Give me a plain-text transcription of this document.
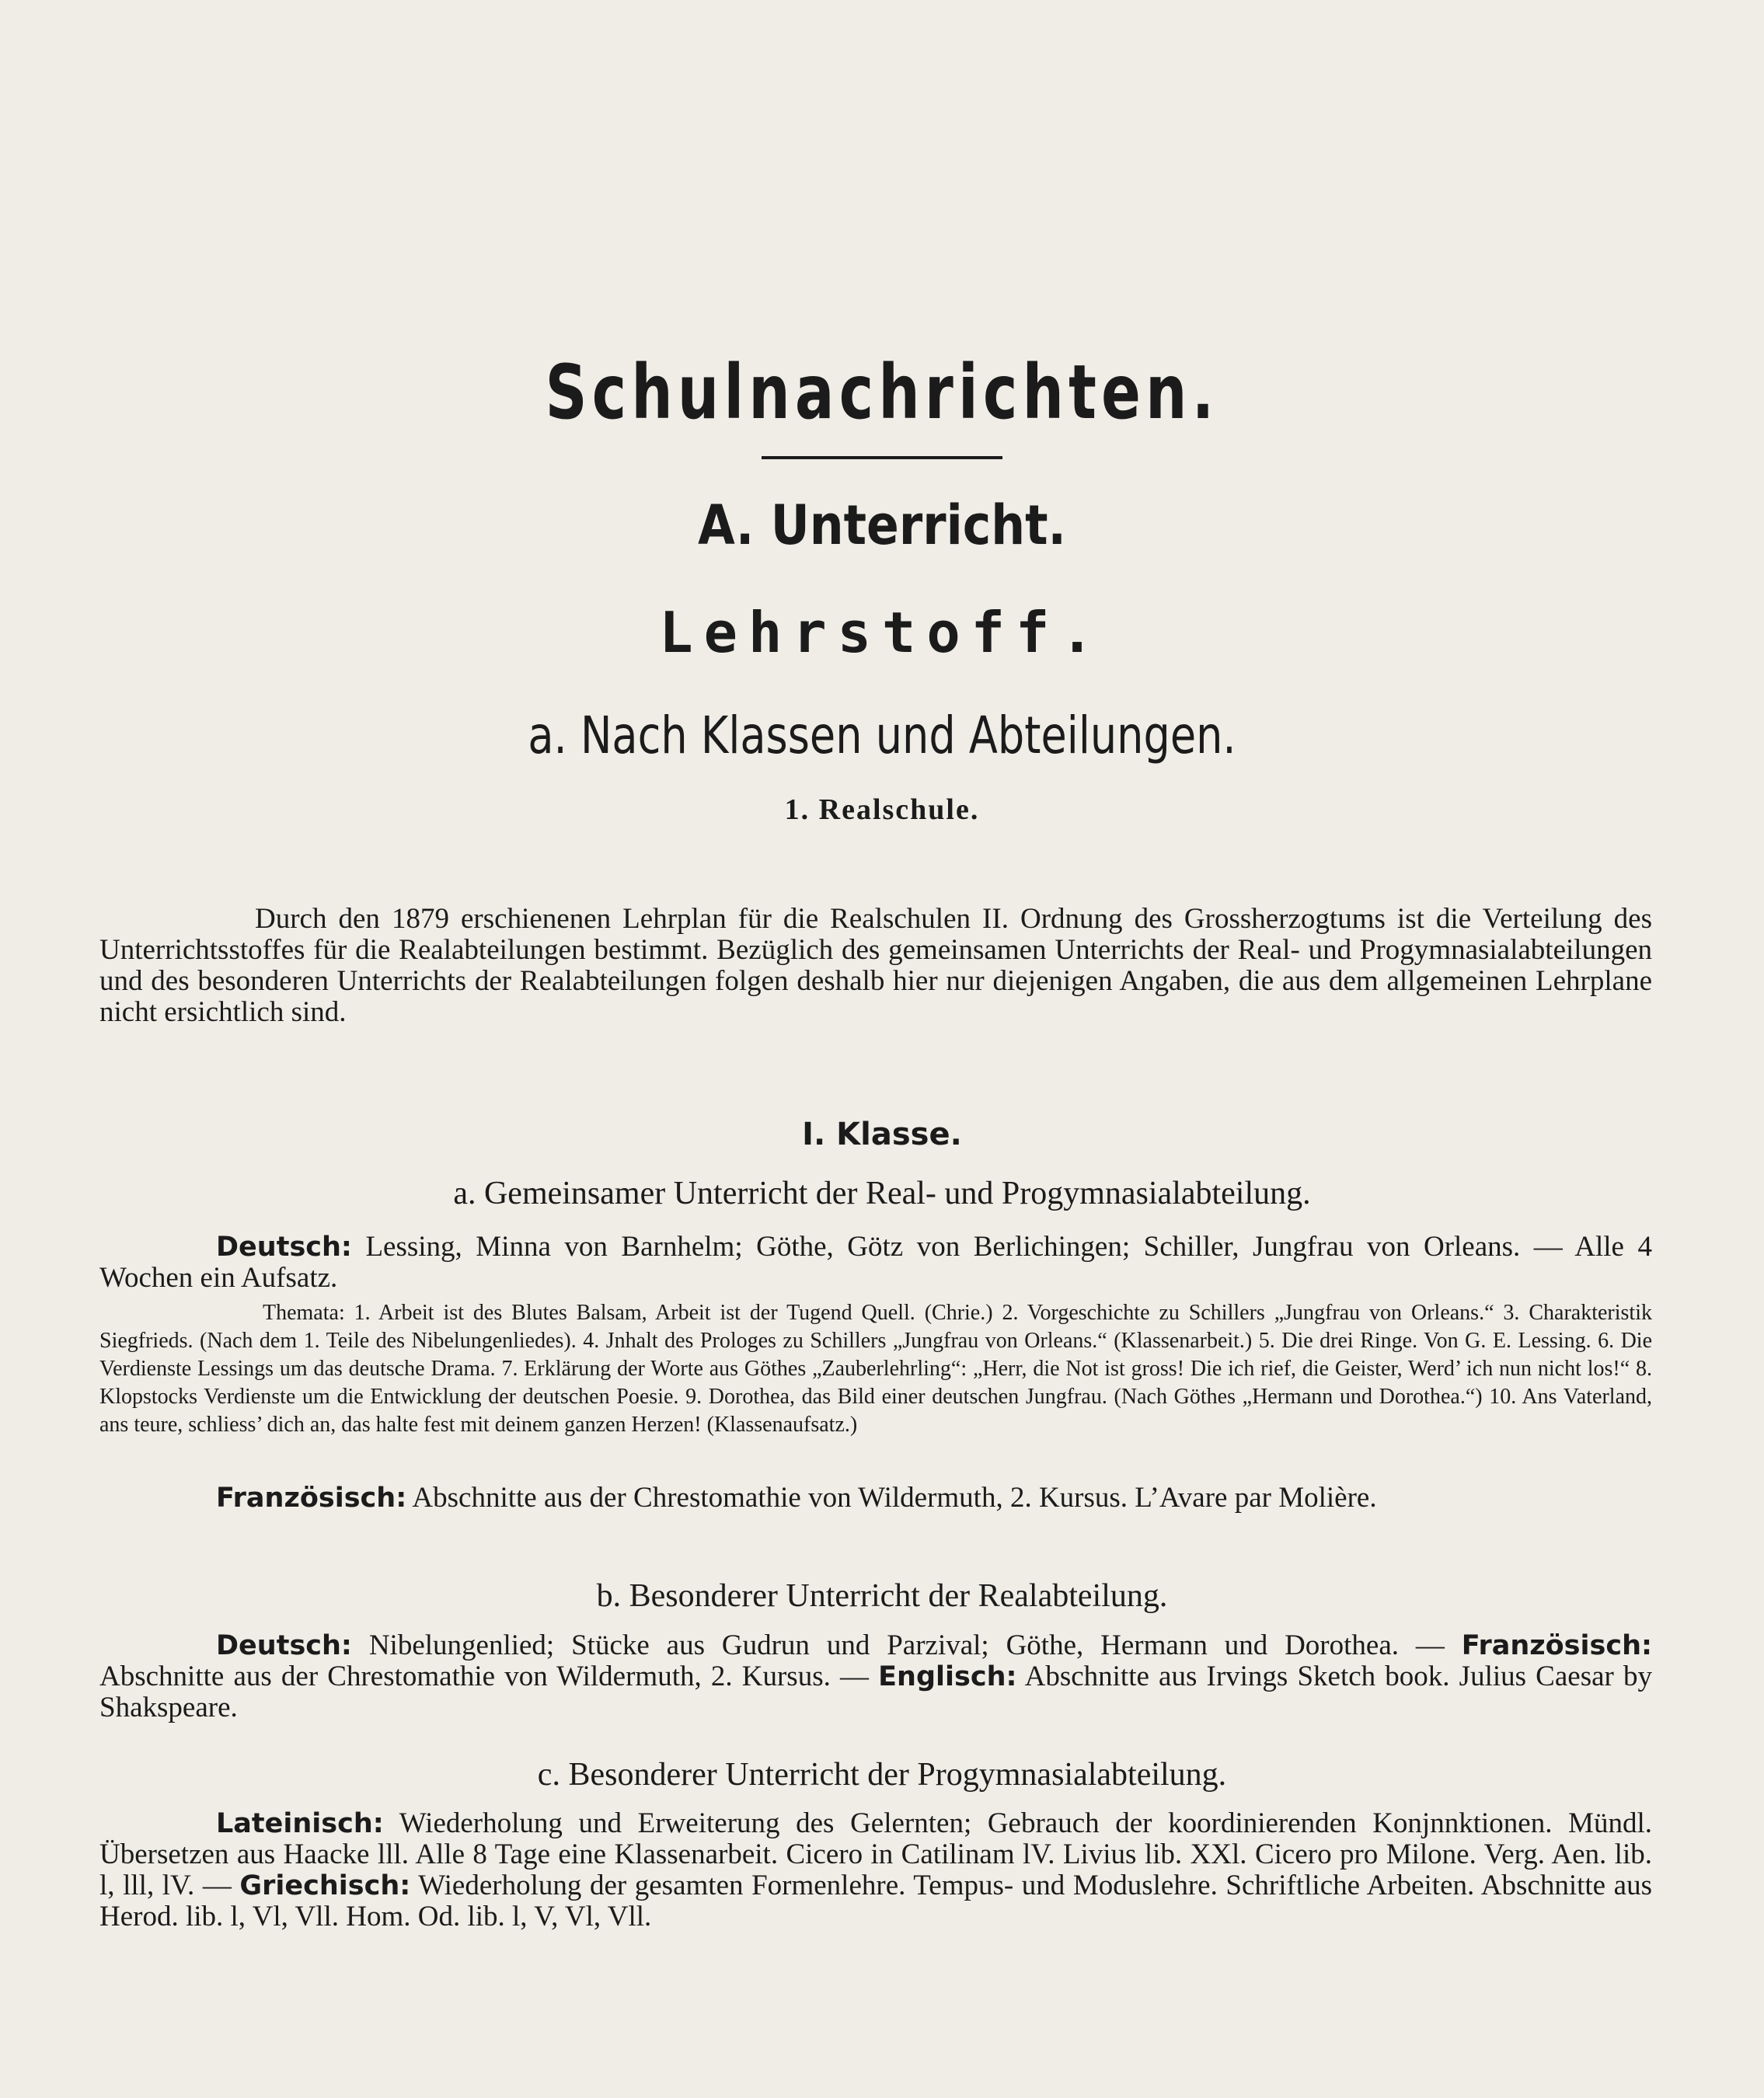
Schulnachrichten.
A. Unterricht.
Lehrstoff.
a. Nach Klassen und Abteilungen.
1. Realschule.
Durch den 1879 erschienenen Lehrplan für die Realschulen II. Ordnung des Grossherzogtums ist die Verteilung des Unterrichtsstoffes für die Realabteilungen bestimmt. Bezüglich des gemeinsamen Unterrichts der Real- und Progymnasialabteilungen und des besonderen Unterrichts der Realabteilungen folgen deshalb hier nur diejenigen Angaben, die aus dem allgemeinen Lehrplane nicht ersichtlich sind.
I. Klasse.
a. Gemeinsamer Unterricht der Real- und Progymnasialabteilung.
Deutsch: Lessing, Minna von Barnhelm; Göthe, Götz von Berlichingen; Schiller, Jungfrau von Orleans. — Alle 4 Wochen ein Aufsatz.
Themata: 1. Arbeit ist des Blutes Balsam, Arbeit ist der Tugend Quell. (Chrie.) 2. Vorgeschichte zu Schillers „Jungfrau von Orleans.“ 3. Charakteristik Siegfrieds. (Nach dem 1. Teile des Nibelungenliedes). 4. Jnhalt des Prologes zu Schillers „Jungfrau von Orleans.“ (Klassenarbeit.) 5. Die drei Ringe. Von G. E. Lessing. 6. Die Verdienste Lessings um das deutsche Drama. 7. Erklärung der Worte aus Göthes „Zauberlehrling“: „Herr, die Not ist gross! Die ich rief, die Geister, Werd’ ich nun nicht los!“ 8. Klopstocks Verdienste um die Entwicklung der deutschen Poesie. 9. Dorothea, das Bild einer deutschen Jungfrau. (Nach Göthes „Hermann und Dorothea.“) 10. Ans Vaterland, ans teure, schliess’ dich an, das halte fest mit deinem ganzen Herzen! (Klassenaufsatz.)
Französisch: Abschnitte aus der Chrestomathie von Wildermuth, 2. Kursus. L’Avare par Molière.
b. Besonderer Unterricht der Realabteilung.
Deutsch: Nibelungenlied; Stücke aus Gudrun und Parzival; Göthe, Hermann und Dorothea. — Französisch: Abschnitte aus der Chrestomathie von Wildermuth, 2. Kursus. — Englisch: Abschnitte aus Irvings Sketch book. Julius Caesar by Shakspeare.
c. Besonderer Unterricht der Progymnasialabteilung.
Lateinisch: Wiederholung und Erweiterung des Gelernten; Gebrauch der koordinierenden Konjnnktionen. Mündl. Übersetzen aus Haacke lll. Alle 8 Tage eine Klassenarbeit. Cicero in Catilinam lV. Livius lib. XXl. Cicero pro Milone. Verg. Aen. lib. l, lll, lV. — Griechisch: Wiederholung der gesamten Formenlehre. Tempus- und Moduslehre. Schriftliche Arbeiten. Abschnitte aus Herod. lib. l, Vl, Vll. Hom. Od. lib. l, V, Vl, Vll.
